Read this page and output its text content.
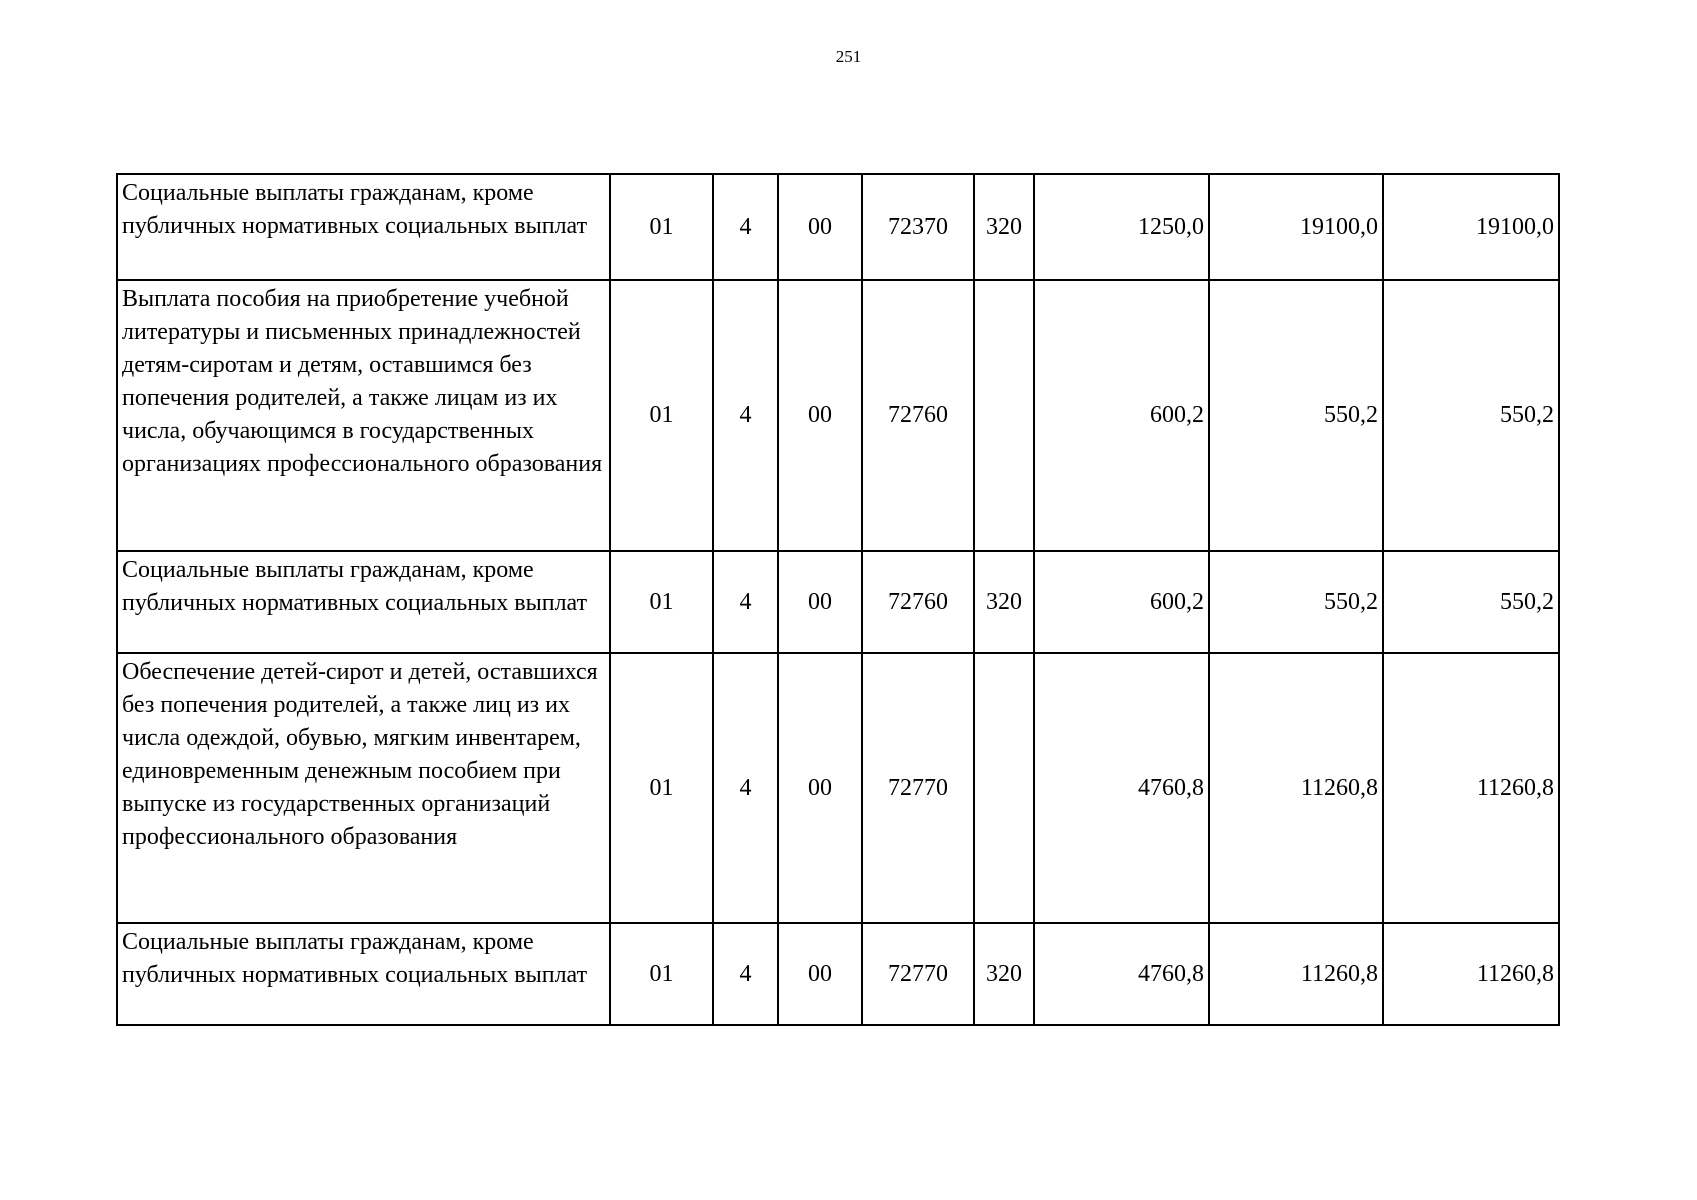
251
Социальные выплаты гражданам, кроме публичных нормативных социальных выплат	01	4	00	72370	320	1250,0	19100,0	19100,0
Выплата пособия на приобретение учебной литературы и письменных принадлежностей детям-сиротам и детям, оставшимся без попечения родителей, а также лицам из их числа, обучающимся в государственных организациях профессионального образования	01	4	00	72760		600,2	550,2	550,2
Социальные выплаты гражданам, кроме публичных нормативных социальных выплат	01	4	00	72760	320	600,2	550,2	550,2
Обеспечение детей-сирот и детей, оставшихся без попечения родителей, а также лиц из их числа одеждой, обувью, мягким инвентарем, единовременным денежным пособием при выпуске из государственных организаций профессионального образования	01	4	00	72770		4760,8	11260,8	11260,8
Социальные выплаты гражданам, кроме публичных нормативных социальных выплат	01	4	00	72770	320	4760,8	11260,8	11260,8
